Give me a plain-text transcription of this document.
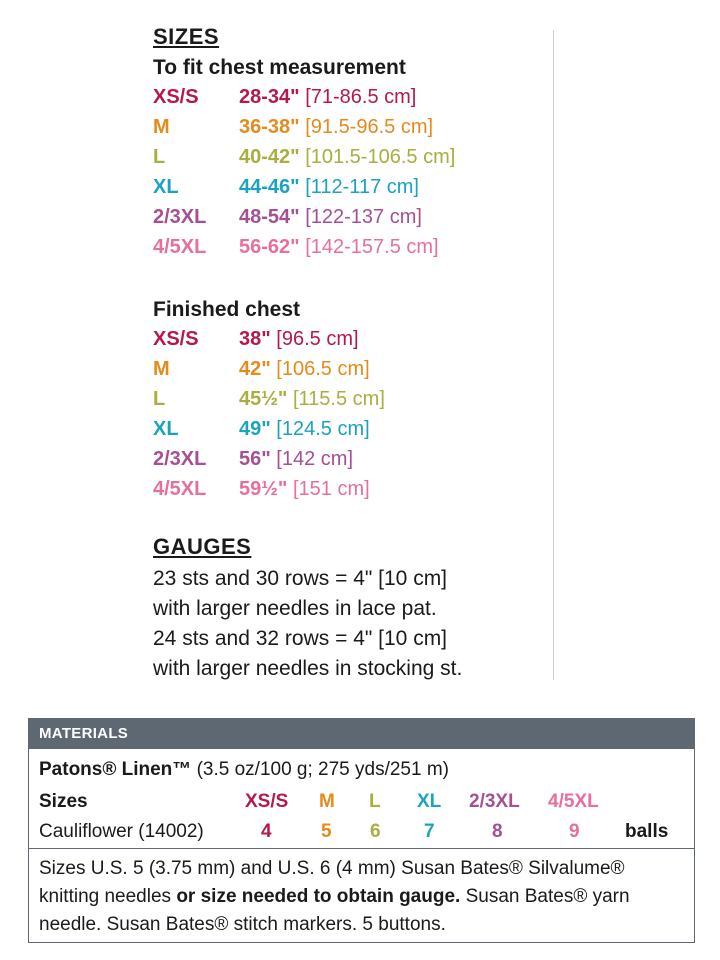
SIZES
To fit chest measurement
XS/S 28-34" [71-86.5 cm]
M	36-38" [91.5-96.5 cm]
L	40-42" [101.5-106.5 cm]
XL	44-46" [112-117 cm]
2/3XL 48-54" [122-137 cm]
4/5XL 56-62" [142-157.5 cm]
Finished chest
XS/S 38" [96.5 cm]
M	42" [106.5 cm]
L	45½" [115.5 cm]
XL	49" [124.5 cm]
2/3XL 56" [142 cm]
4/5XL 59½" [151 cm]
GAUGES
23 sts and 30 rows = 4" [10 cm]
with larger needles in lace pat.
24 sts and 32 rows = 4" [10 cm]
with larger needles in stocking st.
MATERIALS
Patons® Linen™ (3.5 oz/100 g; 275 yds/251 m)
Sizes	XS/S M L XL 2/3XL 4/5XL
Cauliflower (14002)	4	5 6 7	8	9 balls
Sizes U.S. 5 (3.75 mm) and U.S. 6 (4 mm) Susan Bates® Silvalume® knitting needles or size needed to obtain gauge. Susan Bates® yarn needle. Susan Bates® stitch markers. 5 buttons.
